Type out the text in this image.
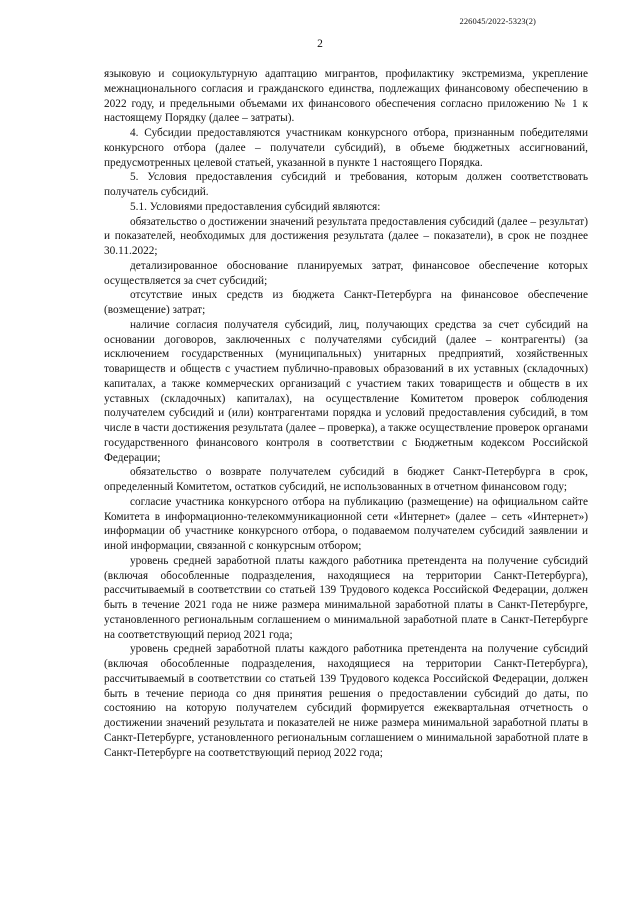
226045/2022-5323(2)
2

языковую и социокультурную адаптацию мигрантов, профилактику экстремизма, укрепление межнационального согласия и гражданского единства, подлежащих финансовому обеспечению в 2022 году, и предельными объемами их финансового обеспечения согласно приложению № 1 к настоящему Порядку (далее – затраты).

4. Субсидии предоставляются участникам конкурсного отбора, признанным победителями конкурсного отбора (далее – получатели субсидий), в объеме бюджетных ассигнований, предусмотренных целевой статьей, указанной в пункте 1 настоящего Порядка.

5. Условия предоставления субсидий и требования, которым должен соответствовать получатель субсидий.

5.1. Условиями предоставления субсидий являются:

обязательство о достижении значений результата предоставления субсидий (далее – результат) и показателей, необходимых для достижения результата (далее – показатели), в срок не позднее 30.11.2022;

детализированное обоснование планируемых затрат, финансовое обеспечение которых осуществляется за счет субсидий;

отсутствие иных средств из бюджета Санкт-Петербурга на финансовое обеспечение (возмещение) затрат;

наличие согласия получателя субсидий, лиц, получающих средства за счет субсидий на основании договоров, заключенных с получателями субсидий (далее – контрагенты) (за исключением государственных (муниципальных) унитарных предприятий, хозяйственных товариществ и обществ с участием публично-правовых образований в их уставных (складочных) капиталах, а также коммерческих организаций с участием таких товариществ и обществ в их уставных (складочных) капиталах), на осуществление Комитетом проверок соблюдения получателем субсидий и (или) контрагентами порядка и условий предоставления субсидий, в том числе в части достижения результата (далее – проверка), а также осуществление проверок органами государственного финансового контроля в соответствии с Бюджетным кодексом Российской Федерации;

обязательство о возврате получателем субсидий в бюджет Санкт-Петербурга в срок, определенный Комитетом, остатков субсидий, не использованных в отчетном финансовом году;

согласие участника конкурсного отбора на публикацию (размещение) на официальном сайте Комитета в информационно-телекоммуникационной сети «Интернет» (далее – сеть «Интернет») информации об участнике конкурсного отбора, о подаваемом получателем субсидий заявлении и иной информации, связанной с конкурсным отбором;

уровень средней заработной платы каждого работника претендента на получение субсидий (включая обособленные подразделения, находящиеся на территории Санкт-Петербурга), рассчитываемый в соответствии со статьей 139 Трудового кодекса Российской Федерации, должен быть в течение 2021 года не ниже размера минимальной заработной платы в Санкт-Петербурге, установленного региональным соглашением о минимальной заработной плате в Санкт-Петербурге на соответствующий период 2021 года;

уровень средней заработной платы каждого работника претендента на получение субсидий (включая обособленные подразделения, находящиеся на территории Санкт-Петербурга), рассчитываемый в соответствии со статьей 139 Трудового кодекса Российской Федерации, должен быть в течение периода со дня принятия решения о предоставлении субсидий до даты, по состоянию на которую получателем субсидий формируется ежеквартальная отчетность о достижении значений результата и показателей не ниже размера минимальной заработной платы в Санкт-Петербурге, установленного региональным соглашением о минимальной заработной плате в Санкт-Петербурге на соответствующий период 2022 года;
